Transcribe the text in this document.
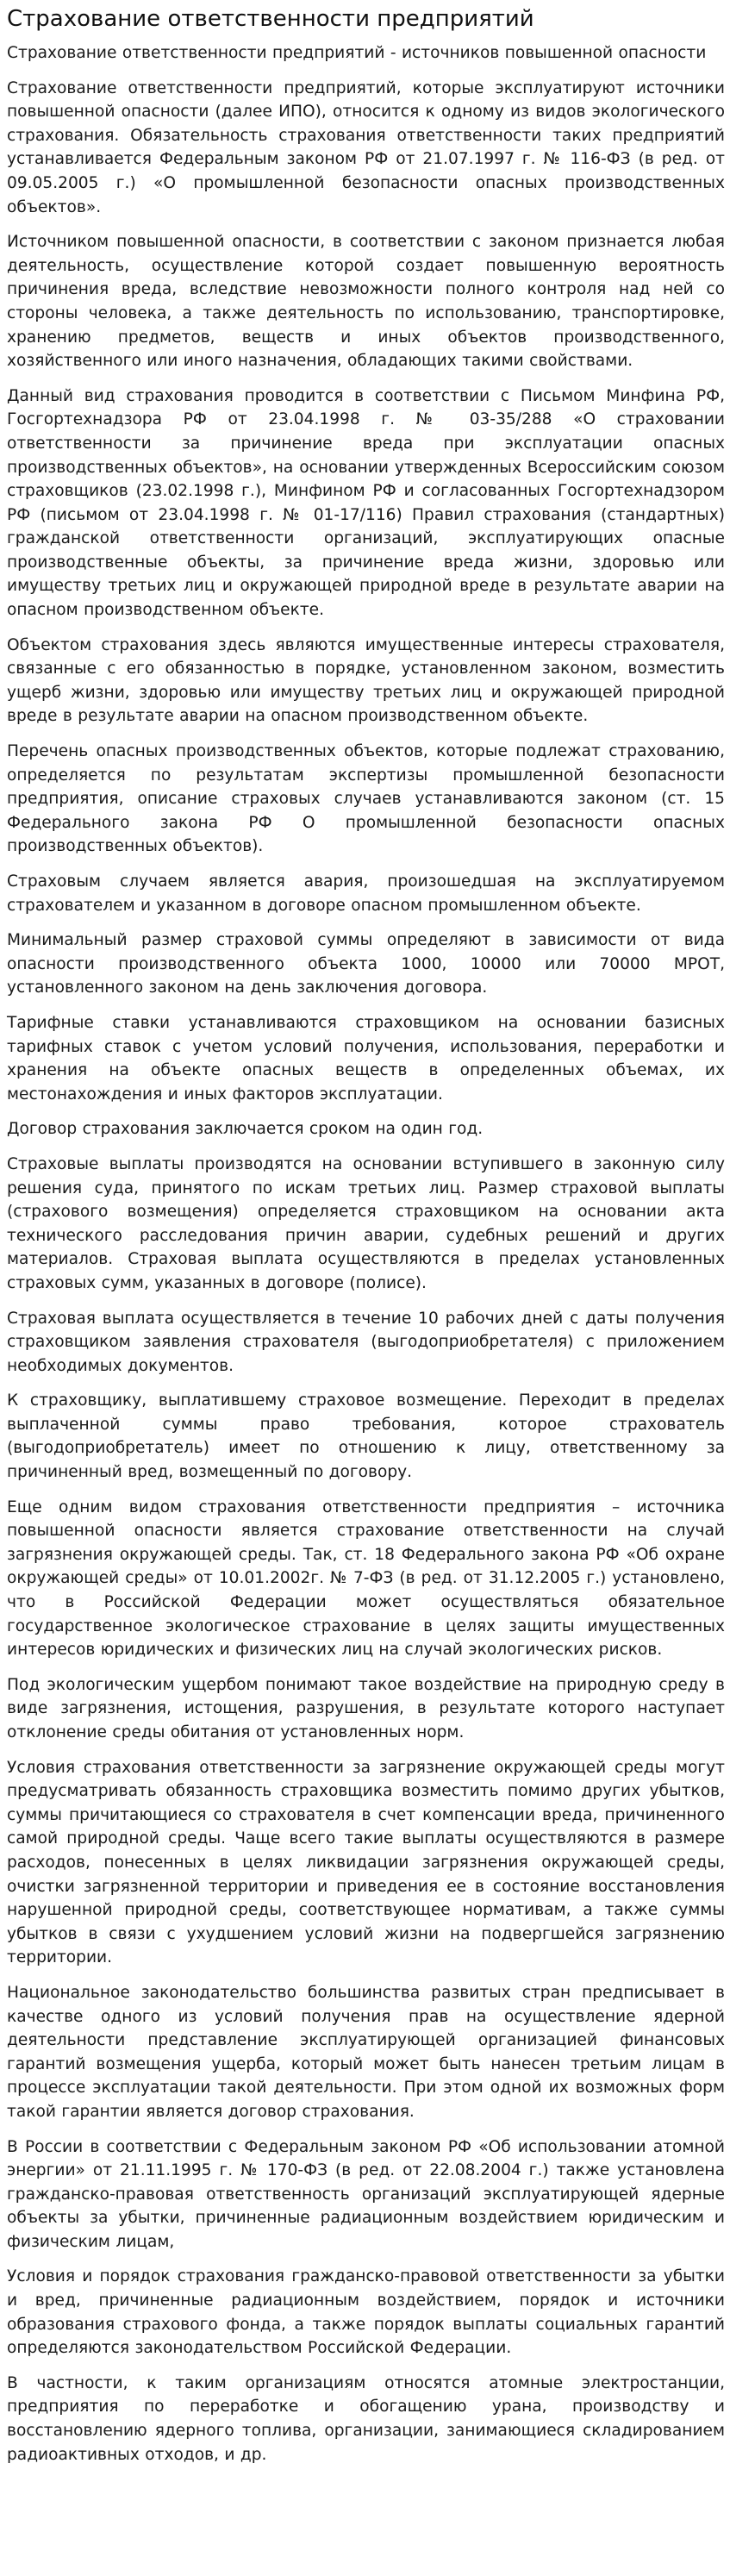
Страхование ответственности предприятий

Страхование ответственности предприятий - источников повышенной опасности

Страхование ответственности предприятий, которые эксплуатируют источники повышенной опасности (далее ИПО), относится к одному из видов экологического страхования. Обязательность страхования ответственности таких предприятий устанавливается Федеральным законом РФ от 21.07.1997 г. № 116-ФЗ (в ред. от 09.05.2005 г.) «О промышленной безопасности опасных производственных объектов».

Источником повышенной опасности, в соответствии с законом признается любая деятельность, осуществление которой создает повышенную вероятность причинения вреда, вследствие невозможности полного контроля над ней со стороны человека, а также деятельность по использованию, транспортировке, хранению предметов, веществ и иных объектов производственного, хозяйственного или иного назначения, обладающих такими свойствами.

Данный вид страхования проводится в соответствии с Письмом Минфина РФ, Госгортехнадзора РФ от 23.04.1998 г. № 03-35/288 «О страховании ответственности за причинение вреда при эксплуатации опасных производственных объектов», на основании утвержденных Всероссийским союзом страховщиков (23.02.1998 г.), Минфином РФ и согласованных Госгортехнадзором РФ (письмом от 23.04.1998 г. № 01-17/116) Правил страхования (стандартных) гражданской ответственности организаций, эксплуатирующих опасные производственные объекты, за причинение вреда жизни, здоровью или имуществу третьих лиц и окружающей природной вреде в результате аварии на опасном производственном объекте.

Объектом страхования здесь являются имущественные интересы страхователя, связанные с его обязанностью в порядке, установленном законом, возместить ущерб жизни, здоровью или имуществу третьих лиц и окружающей природной вреде в результате аварии на опасном производственном объекте.

Перечень опасных производственных объектов, которые подлежат страхованию, определяется по результатам экспертизы промышленной безопасности предприятия, описание страховых случаев устанавливаются законом (ст. 15 Федерального закона РФ О промышленной безопасности опасных производственных объектов).

Страховым случаем является авария, произошедшая на эксплуатируемом страхователем и указанном в договоре опасном промышленном объекте.

Минимальный размер страховой суммы определяют в зависимости от вида опасности производственного объекта 1000, 10000 или 70000 МРОТ, установленного законом на день заключения договора.

Тарифные ставки устанавливаются страховщиком на основании базисных тарифных ставок с учетом условий получения, использования, переработки и хранения на объекте опасных веществ в определенных объемах, их местонахождения и иных факторов эксплуатации.

Договор страхования заключается сроком на один год.

Страховые выплаты производятся на основании вступившего в законную силу решения суда, принятого по искам третьих лиц. Размер страховой выплаты (страхового возмещения) определяется страховщиком на основании акта технического расследования причин аварии, судебных решений и других материалов. Страховая выплата осуществляются в пределах установленных страховых сумм, указанных в договоре (полисе).

Страховая выплата осуществляется в течение 10 рабочих дней с даты получения страховщиком заявления страхователя (выгодоприобретателя) с приложением необходимых документов.

К страховщику, выплатившему страховое возмещение. Переходит в пределах выплаченной суммы право требования, которое страхователь (выгодоприобретатель) имеет по отношению к лицу, ответственному за причиненный вред, возмещенный по договору.

Еще одним видом страхования ответственности предприятия – источника повышенной опасности является страхование ответственности на случай загрязнения окружающей среды. Так, ст. 18 Федерального закона РФ «Об охране окружающей среды» от 10.01.2002г. № 7-ФЗ (в ред. от 31.12.2005 г.) установлено, что в Российской Федерации может осуществляться обязательное государственное экологическое страхование в целях защиты имущественных интересов юридических и физических лиц на случай экологических рисков.

Под экологическим ущербом понимают такое воздействие на природную среду в виде загрязнения, истощения, разрушения, в результате которого наступает отклонение среды обитания от установленных норм.

Условия страхования ответственности за загрязнение окружающей среды могут предусматривать обязанность страховщика возместить помимо других убытков, суммы причитающиеся со страхователя в счет компенсации вреда, причиненного самой природной среды. Чаще всего такие выплаты осуществляются в размере расходов, понесенных в целях ликвидации загрязнения окружающей среды, очистки загрязненной территории и приведения ее в состояние восстановления нарушенной природной среды, соответствующее нормативам, а также суммы убытков в связи с ухудшением условий жизни на подвергшейся загрязнению территории.

Национальное законодательство большинства развитых стран предписывает в качестве одного из условий получения прав на осуществление ядерной деятельности представление эксплуатирующей организацией финансовых гарантий возмещения ущерба, который может быть нанесен третьим лицам в процессе эксплуатации такой деятельности. При этом одной их возможных форм такой гарантии является договор страхования.

В России в соответствии с Федеральным законом РФ «Об использовании атомной энергии» от 21.11.1995 г. № 170-ФЗ (в ред. от 22.08.2004 г.) также установлена гражданско-правовая ответственность организаций эксплуатирующей ядерные объекты за убытки, причиненные радиационным воздействием юридическим и физическим лицам,

Условия и порядок страхования гражданско-правовой ответственности за убытки и вред, причиненные радиационным воздействием, порядок и источники образования страхового фонда, а также порядок выплаты социальных гарантий определяются законодательством Российской Федерации.

В частности, к таким организациям относятся атомные электростанции, предприятия по переработке и обогащению урана, производству и восстановлению ядерного топлива, организации, занимающиеся складированием радиоактивных отходов, и др.
